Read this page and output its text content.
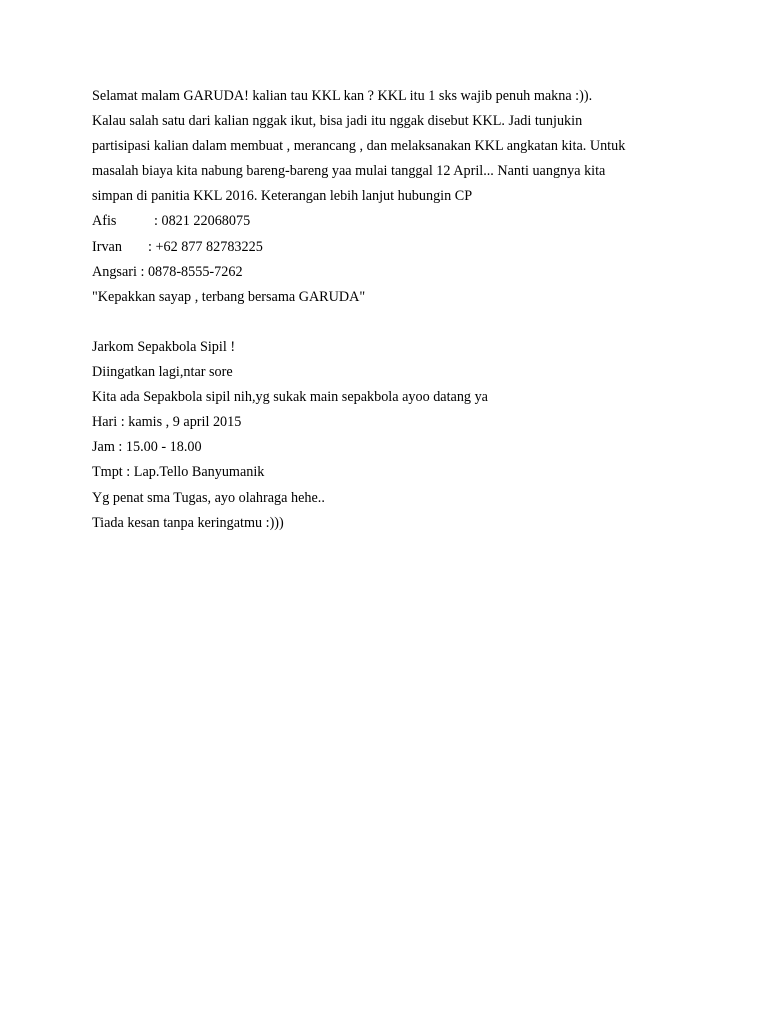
Selamat malam GARUDA! kalian tau KKL kan ? KKL itu 1 sks wajib penuh makna :)).
Kalau salah satu dari kalian nggak ikut, bisa jadi itu nggak disebut KKL. Jadi tunjukin
partisipasi kalian dalam membuat , merancang , dan melaksanakan KKL angkatan kita. Untuk
masalah biaya kita nabung bareng-bareng yaa mulai tanggal 12 April... Nanti uangnya kita
simpan di panitia KKL 2016. Keterangan lebih lanjut hubungin CP
Afis	: 0821 22068075
Irvan	: +62 877 82783225
Angsari : 0878-8555-7262
"Kepakkan sayap , terbang bersama GARUDA"
Jarkom Sepakbola Sipil !
Diingatkan lagi,ntar sore
Kita ada Sepakbola sipil nih,yg sukak main sepakbola ayoo datang ya
Hari : kamis , 9 april 2015
Jam : 15.00 - 18.00
Tmpt : Lap.Tello Banyumanik
Yg penat sma Tugas, ayo olahraga hehe..
Tiada kesan tanpa keringatmu :)))
